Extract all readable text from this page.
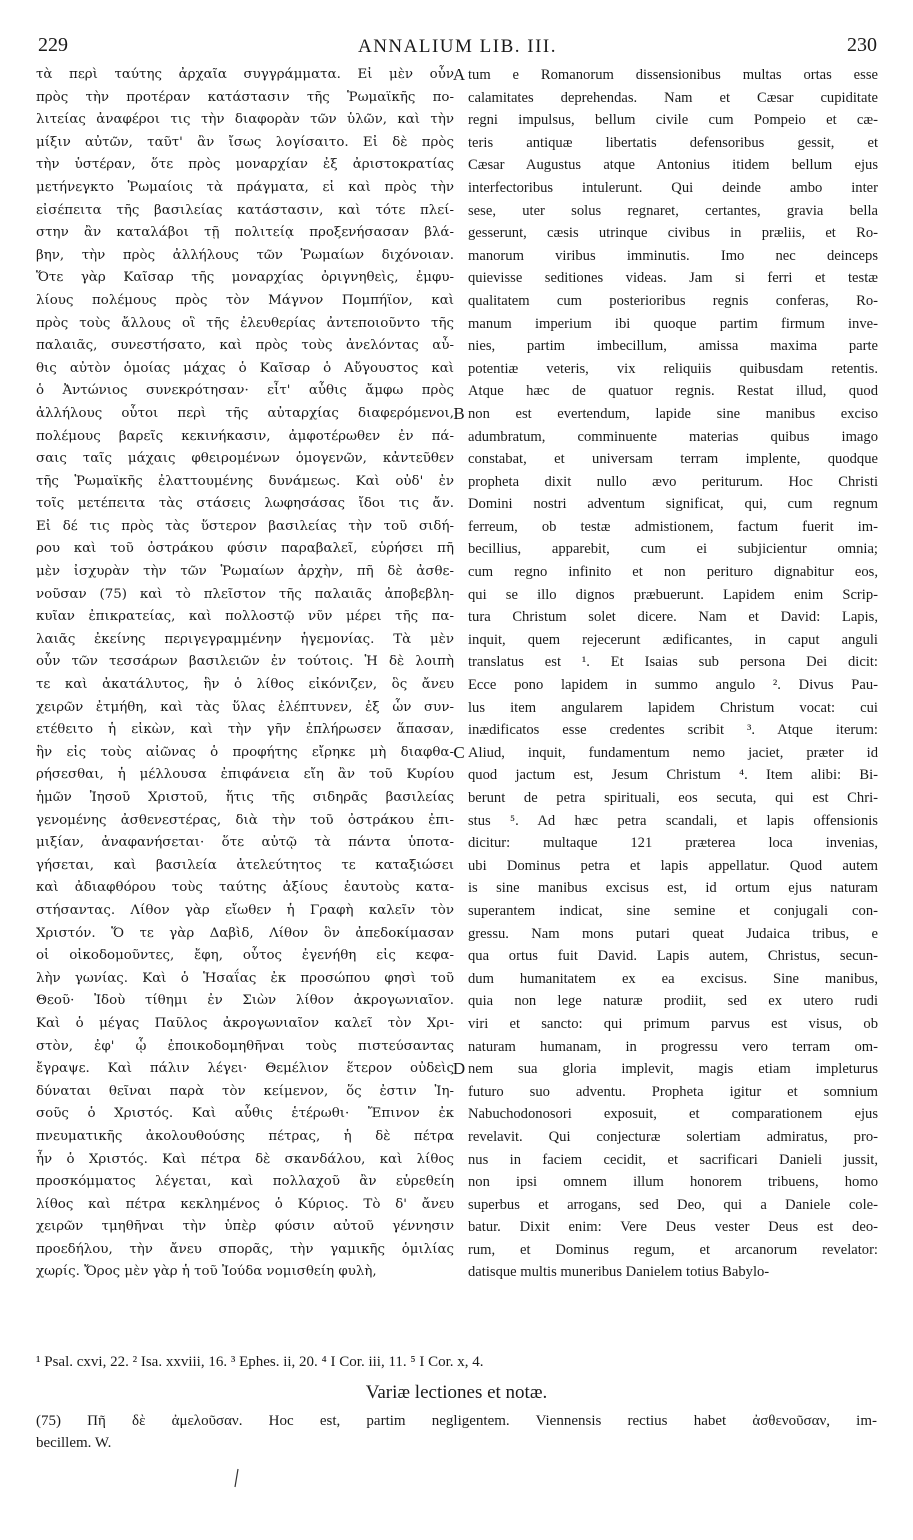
229	ANNALIUM LIB. III.	230
τὰ περὶ ταύτης ἀρχαῖα συγγράμματα. Εἰ μὲν οὖν
πρὸς τὴν προτέραν κατάστασιν τῆς Ῥωμαϊκῆς πο-
λιτείας ἀναφέροι τις τὴν διαφορὰν τῶν ὑλῶν, καὶ τὴν
μίξιν αὐτῶν, ταῦτ' ἂν ἴσως λογίσαιτο. Εἰ δὲ πρὸς
τὴν ὑστέραν, ὅτε πρὸς μοναρχίαν ἐξ ἀριστοκρατίας
μετήνεγκτο Ῥωμαίοις τὰ πράγματα, εἰ καὶ πρὸς τὴν
εἰσέπειτα τῆς βασιλείας κατάστασιν, καὶ τότε πλεί-
στην ἂν καταλάβοι τῇ πολιτείᾳ προξενήσασαν βλά-
βην, τὴν πρὸς ἀλλήλους τῶν Ῥωμαίων διχόνοιαν.
Ὅτε γὰρ Καῖσαρ τῆς μοναρχίας ὀριγνηθεὶς, ἐμφυ-
λίους πολέμους πρὸς τὸν Μάγνον Πομπήϊον, καὶ
πρὸς τοὺς ἄλλους οἳ τῆς ἐλευθερίας ἀντεποιοῦντο τῆς
παλαιᾶς, συνεστήσατο, καὶ πρὸς τοὺς ἀνελόντας αὖ-
θις αὐτὸν ὁμοίας μάχας ὁ Καῖσαρ ὁ Αὔγουστος καὶ
ὁ Ἀντώνιος συνεκρότησαν· εἶτ' αὖθις ἄμφω πρὸς
ἀλλήλους οὗτοι περὶ τῆς αὐταρχίας διαφερόμενοι,
πολέμους βαρεῖς κεκινήκασιν, ἀμφοτέρωθεν ἐν πά-
σαις ταῖς μάχαις φθειρομένων ὁμογενῶν, κἀντεῦθεν
τῆς Ῥωμαϊκῆς ἐλαττουμένης δυνάμεως. Καὶ οὐδ' ἐν
τοῖς μετέπειτα τὰς στάσεις λωφησάσας ἴδοι τις ἄν.
Εἰ δέ τις πρὸς τὰς ὕστερον βασιλείας τὴν τοῦ σιδή-
ρου καὶ τοῦ ὀστράκου φύσιν παραβαλεῖ, εὑρήσει πῆ
μὲν ἰσχυρὰν τὴν τῶν Ῥωμαίων ἀρχὴν, πῆ δὲ ἀσθε-
νοῦσαν (75) καὶ τὸ πλεῖστον τῆς παλαιᾶς ἀποβεβλη-
κυῖαν ἐπικρατείας, καὶ πολλοστῷ νῦν μέρει τῆς πα-
λαιᾶς ἐκείνης περιγεγραμμένην ἡγεμονίας. Τὰ μὲν
οὖν τῶν τεσσάρων βασιλειῶν ἐν τούτοις. Ἡ δὲ λοιπὴ
τε καὶ ἀκατάλυτος, ἣν ὁ λίθος εἰκόνιζεν, ὃς ἄνευ
χειρῶν ἐτμήθη, καὶ τὰς ὕλας ἐλέπτυνεν, ἐξ ὧν συν-
ετέθειτο ἡ εἰκὼν, καὶ τὴν γῆν ἐπλήρωσεν ἅπασαν,
ἣν εἰς τοὺς αἰῶνας ὁ προφήτης εἴρηκε μὴ διαφθα-
ρήσεσθαι, ἡ μέλλουσα ἐπιφάνεια εἴη ἂν τοῦ Κυρίου
ἡμῶν Ἰησοῦ Χριστοῦ, ἥτις τῆς σιδηρᾶς βασιλείας
γενομένης ἀσθενεστέρας, διὰ τὴν τοῦ ὀστράκου ἐπι-
μιξίαν, ἀναφανήσεται· ὅτε αὐτῷ τὰ πάντα ὑποτα-
γήσεται, καὶ βασιλεία ἀτελεύτητος τε καταξιώσει
καὶ ἀδιαφθόρου τοὺς ταύτης ἀξίους ἑαυτοὺς κατα-
στήσαντας. Λίθον γὰρ εἴωθεν ἡ Γραφὴ καλεῖν τὸν
Χριστόν. Ὅ τε γὰρ Δαβὶδ, Λίθον ὃν ἀπεδοκίμασαν
οἱ οἰκοδομοῦντες, ἔφη, οὗτος ἐγενήθη εἰς κεφα-
λὴν γωνίας. Καὶ ὁ Ἡσαΐας ἐκ προσώπου φησὶ τοῦ
Θεοῦ· Ἰδοὺ τίθημι ἐν Σιὼν λίθον ἀκρογωνιαῖον.
Καὶ ὁ μέγας Παῦλος ἀκρογωνιαῖον καλεῖ τὸν Χρι-
στὸν, ἐφ' ᾧ ἐποικοδομηθῆναι τοὺς πιστεύσαντας
ἔγραψε. Καὶ πάλιν λέγει· Θεμέλιον ἕτερον οὐδεὶς
δύναται θεῖναι παρὰ τὸν κείμενον, ὅς ἐστιν Ἰη-
σοῦς ὁ Χριστός. Καὶ αὖθις ἑτέρωθι· Ἔπινον ἐκ
πνευματικῆς ἀκολουθούσης πέτρας, ἡ δὲ πέτρα
ἦν ὁ Χριστός. Καὶ πέτρα δὲ σκανδάλου, καὶ λίθος
προσκόμματος λέγεται, καὶ πολλαχοῦ ἂν εὑρεθείη
λίθος καὶ πέτρα κεκλημένος ὁ Κύριος. Τὸ δ' ἄνευ
χειρῶν τμηθῆναι τὴν ὑπὲρ φύσιν αὐτοῦ γέννησιν
προεδήλου, τὴν ἄνευ σπορᾶς, τὴν γαμικῆς ὁμιλίας
χωρίς. Ὄρος μὲν γὰρ ἡ τοῦ Ἰούδα νομισθείη φυλὴ,
A
B
C
D
tum e Romanorum dissensionibus multas ortas esse
calamitates deprehendas. Nam et Cæsar cupiditate
regni impulsus, bellum civile cum Pompeio et cæ-
teris antiquæ libertatis defensoribus gessit, et
Cæsar Augustus atque Antonius itidem bellum ejus
interfectoribus intulerunt. Qui deinde ambo inter
sese, uter solus regnaret, certantes, gravia bella
gesserunt, cæsis utrinque civibus in præliis, et Ro-
manorum viribus imminutis. Imo nec deinceps
quievisse seditiones videas. Jam si ferri et testæ
qualitatem cum posterioribus regnis conferas, Ro-
manum imperium ibi quoque partim firmum inve-
nies, partim imbecillum, amissa maxima parte
potentiæ veteris, vix reliquiis quibusdam retentis.
Atque hæc de quatuor regnis. Restat illud, quod
non est evertendum, lapide sine manibus exciso
adumbratum, comminuente materias quibus imago
constabat, et universam terram implente, quodque
propheta dixit nullo ævo periturum. Hoc Christi
Domini nostri adventum significat, qui, cum regnum
ferreum, ob testæ admistionem, factum fuerit im-
becillius, apparebit, cum ei subjicientur omnia;
cum regno infinito et non perituro dignabitur eos,
qui se illo dignos præbuerunt. Lapidem enim Scrip-
tura Christum solet dicere. Nam et David: Lapis,
inquit, quem rejecerunt ædificantes, in caput anguli
translatus est ¹. Et Isaias sub persona Dei dicit:
Ecce pono lapidem in summo angulo ². Divus Pau-
lus item angularem lapidem Christum vocat: cui
inædificatos esse credentes scribit ³. Atque iterum:
Aliud, inquit, fundamentum nemo jaciet, præter id
quod jactum est, Jesum Christum ⁴. Item alibi: Bi-
berunt de petra spirituali, eos secuta, qui est Chri-
stus ⁵. Ad hæc petra scandali, et lapis offensionis
dicitur: multaque 121 præterea loca invenias,
ubi Dominus petra et lapis appellatur. Quod autem
is sine manibus excisus est, id ortum ejus naturam
superantem indicat, sine semine et conjugali con-
gressu. Nam mons putari queat Judaica tribus, e
qua ortus fuit David. Lapis autem, Christus, secun-
dum humanitatem ex ea excisus. Sine manibus,
quia non lege naturæ prodiit, sed ex utero rudi
viri et sancto: qui primum parvus est visus, ob
naturam humanam, in progressu vero terram om-
nem sua gloria implevit, magis etiam impleturus
futuro suo adventu. Propheta igitur et somnium
Nabuchodonosori exposuit, et comparationem ejus
revelavit. Qui conjecturæ solertiam admiratus, pro-
nus in faciem cecidit, et sacrificari Danieli jussit,
non ipsi omnem illum honorem tribuens, homo
superbus et arrogans, sed Deo, qui a Daniele cole-
batur. Dixit enim: Vere Deus vester Deus est deo-
rum, et Dominus regum, et arcanorum revelator:
datisque multis muneribus Danielem totius Babylo-
¹ Psal. cxvi, 22. ² Isa. xxviii, 16. ³ Ephes. ii, 20. ⁴ I Cor. iii, 11. ⁵ I Cor. x, 4.
Variæ lectiones et notæ.
(75) Πῆ δὲ ἀμελοῦσαν. Hoc est, partim negligentem. Viennensis rectius habet ἀσθενοῦσαν, im-
becillem. W.
